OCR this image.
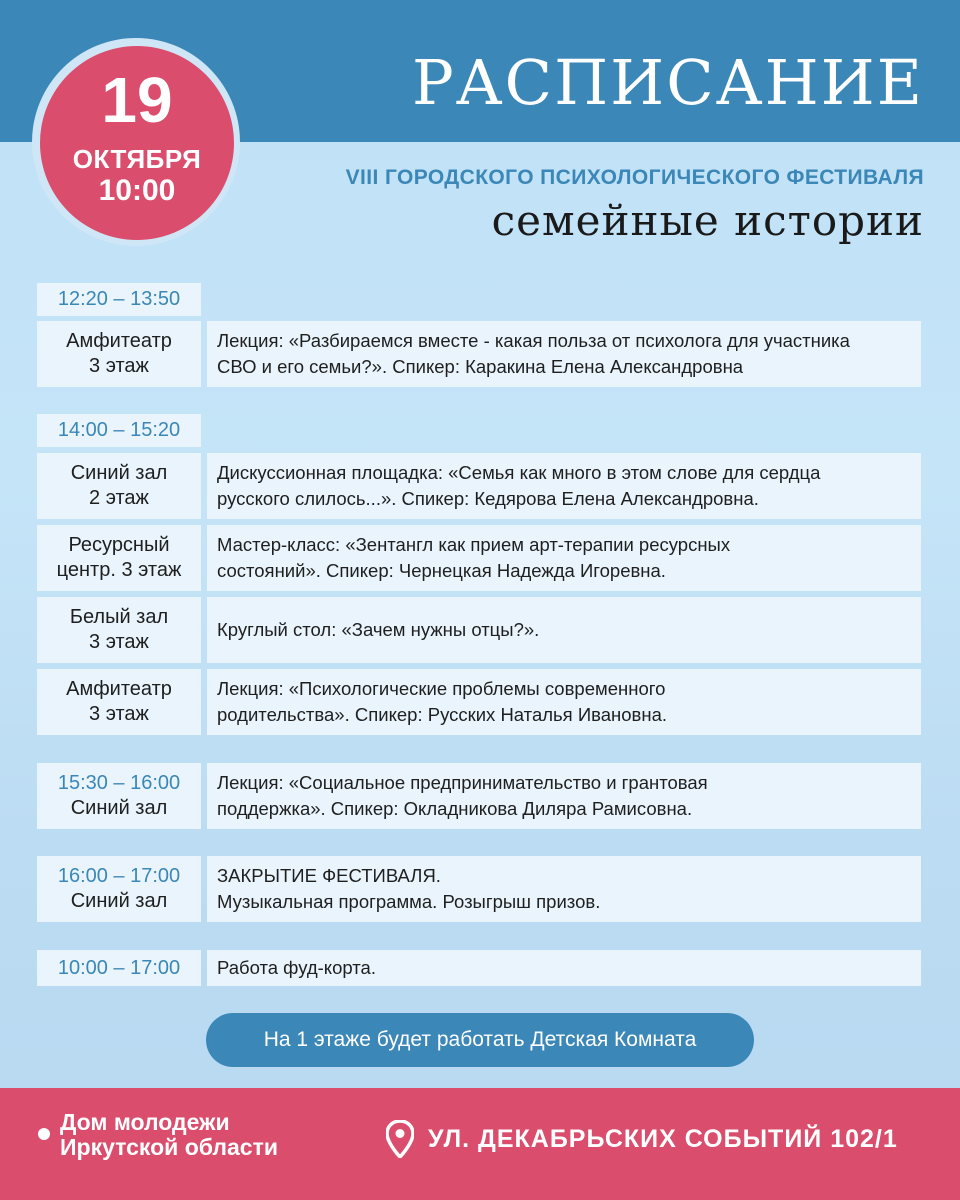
РАСПИСАНИЕ
VIII ГОРОДСКОГО ПСИХОЛОГИЧЕСКОГО ФЕСТИВАЛЯ
семейные истории
19
ОКТЯБРЯ
10:00
12:20 – 13:50
Амфитеатр
3 этаж
Лекция: «Разбираемся вместе - какая польза от психолога для участника
СВО и его семьи?». Спикер: Каракина Елена Александровна
14:00 – 15:20
Синий зал
2 этаж
Дискуссионная площадка: «Семья как много в этом слове для сердца
русского слилось...». Спикер: Кедярова Елена Александровна.
Ресурсный
центр. 3 этаж
Мастер-класс: «Зентангл как прием арт-терапии ресурсных
состояний». Спикер: Чернецкая Надежда Игоревна.
Белый зал
3 этаж
Круглый стол: «Зачем нужны отцы?».
Амфитеатр
3 этаж
Лекция: «Психологические проблемы современного
родительства». Спикер: Русских Наталья Ивановна.
15:30 – 16:00
Синий зал
Лекция: «Социальное предпринимательство и грантовая
поддержка». Спикер: Окладникова Диляра Рамисовна.
16:00 – 17:00
Синий зал
ЗАКРЫТИЕ ФЕСТИВАЛЯ.
Музыкальная программа. Розыгрыш призов.
10:00 – 17:00	Работа фуд-корта.
На 1 этаже будет работать Детская Комната
Дом молодежи
Иркутской области	УЛ. ДЕКАБРЬСКИХ СОБЫТИЙ 102/1
